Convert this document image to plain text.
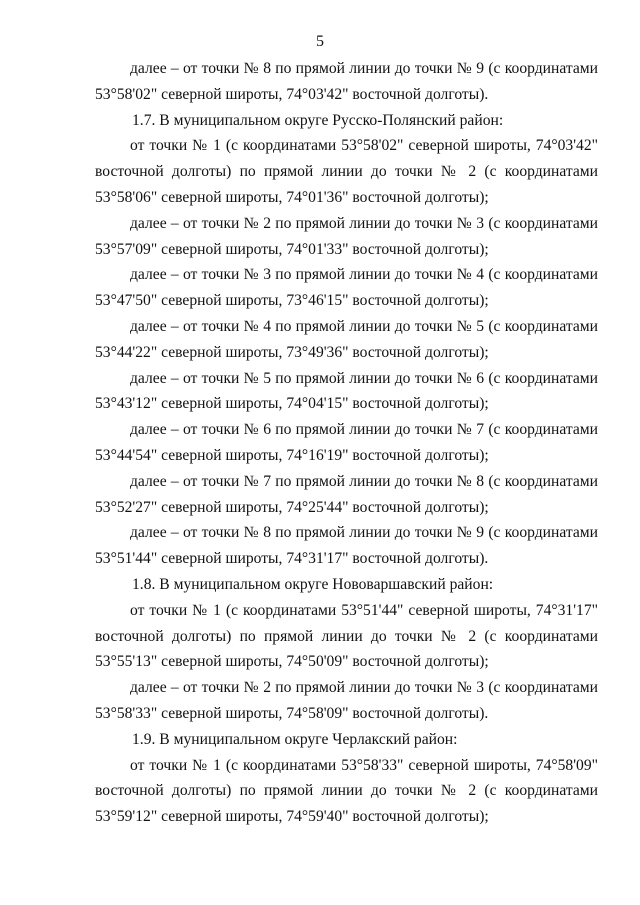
5

далее – от точки № 8 по прямой линии до точки № 9 (с координатами
53°58'02" северной широты, 74°03'42" восточной долготы).

1.7. В муниципальном округе Русско-Полянский район:

от точки № 1 (с координатами 53°58'02" северной широты, 74°03'42"
восточной долготы) по прямой линии до точки № 2 (с координатами
53°58'06" северной широты, 74°01'36" восточной долготы);

далее – от точки № 2 по прямой линии до точки № 3 (с координатами
53°57'09" северной широты, 74°01'33" восточной долготы);

далее – от точки № 3 по прямой линии до точки № 4 (с координатами
53°47'50" северной широты, 73°46'15" восточной долготы);

далее – от точки № 4 по прямой линии до точки № 5 (с координатами
53°44'22" северной широты, 73°49'36" восточной долготы);

далее – от точки № 5 по прямой линии до точки № 6 (с координатами
53°43'12" северной широты, 74°04'15" восточной долготы);

далее – от точки № 6 по прямой линии до точки № 7 (с координатами
53°44'54" северной широты, 74°16'19" восточной долготы);

далее – от точки № 7 по прямой линии до точки № 8 (с координатами
53°52'27" северной широты, 74°25'44" восточной долготы);

далее – от точки № 8 по прямой линии до точки № 9 (с координатами
53°51'44" северной широты, 74°31'17" восточной долготы).

1.8. В муниципальном округе Нововаршавский район:

от точки № 1 (с координатами 53°51'44" северной широты, 74°31'17"
восточной долготы) по прямой линии до точки № 2 (с координатами
53°55'13" северной широты, 74°50'09" восточной долготы);

далее – от точки № 2 по прямой линии до точки № 3 (с координатами
53°58'33" северной широты, 74°58'09" восточной долготы).

1.9. В муниципальном округе Черлакский район:

от точки № 1 (с координатами 53°58'33" северной широты, 74°58'09"
восточной долготы) по прямой линии до точки № 2 (с координатами
53°59'12" северной широты, 74°59'40" восточной долготы);
